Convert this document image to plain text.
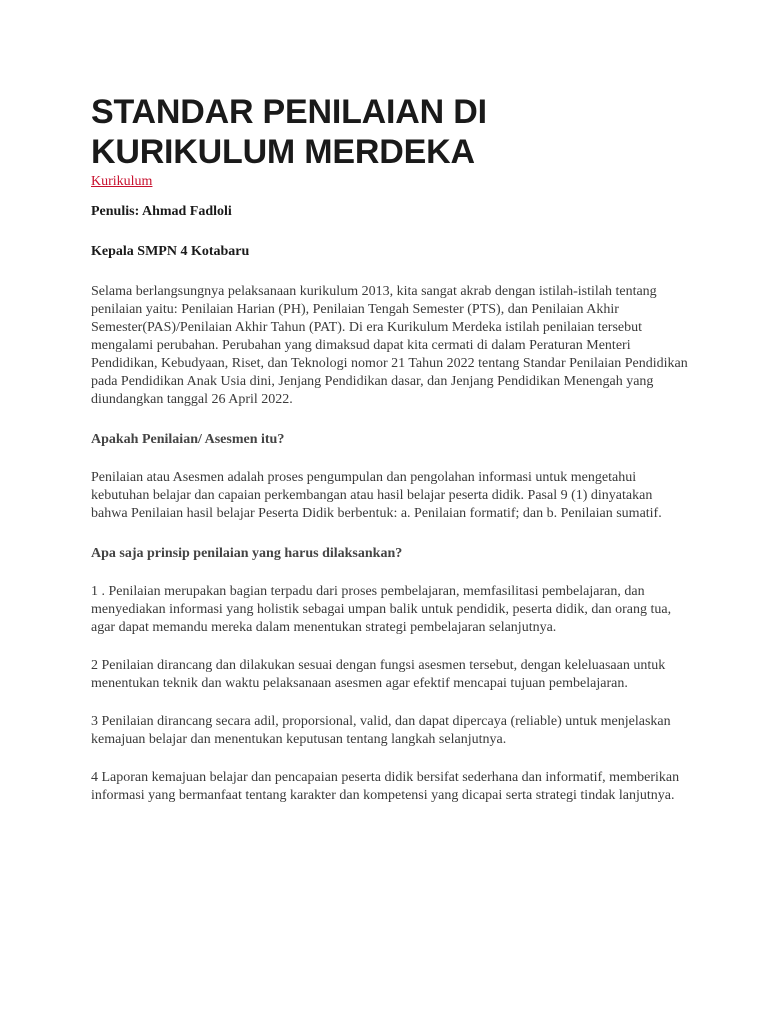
STANDAR PENILAIAN DI KURIKULUM MERDEKA
Kurikulum

Penulis: Ahmad Fadloli

Kepala SMPN 4 Kotabaru

Selama berlangsungnya pelaksanaan kurikulum 2013, kita sangat akrab dengan istilah-istilah tentang penilaian yaitu: Penilaian Harian (PH), Penilaian Tengah Semester (PTS), dan Penilaian Akhir Semester(PAS)/Penilaian Akhir Tahun (PAT). Di era Kurikulum Merdeka istilah penilaian tersebut mengalami perubahan. Perubahan yang dimaksud dapat kita cermati di dalam Peraturan Menteri Pendidikan, Kebudyaan, Riset, dan Teknologi nomor 21 Tahun 2022 tentang Standar Penilaian Pendidikan pada Pendidikan Anak Usia dini, Jenjang Pendidikan dasar, dan Jenjang Pendidikan Menengah yang diundangkan tanggal 26 April 2022.

Apakah Penilaian/ Asesmen itu?

Penilaian atau Asesmen adalah proses pengumpulan dan pengolahan informasi untuk mengetahui kebutuhan belajar dan capaian perkembangan atau hasil belajar peserta didik. Pasal 9 (1) dinyatakan bahwa Penilaian hasil belajar Peserta Didik berbentuk: a. Penilaian formatif; dan b. Penilaian sumatif.

Apa saja prinsip penilaian yang harus dilaksankan?

1 . Penilaian merupakan bagian terpadu dari proses pembelajaran, memfasilitasi pembelajaran, dan menyediakan informasi yang holistik sebagai umpan balik untuk pendidik, peserta didik, dan orang tua, agar dapat memandu mereka dalam menentukan strategi pembelajaran selanjutnya.

2 Penilaian dirancang dan dilakukan sesuai dengan fungsi asesmen tersebut, dengan keleluasaan untuk menentukan teknik dan waktu pelaksanaan asesmen agar efektif mencapai tujuan pembelajaran.

3 Penilaian dirancang secara adil, proporsional, valid, dan dapat dipercaya (reliable) untuk menjelaskan kemajuan belajar dan menentukan keputusan tentang langkah selanjutnya.

4 Laporan kemajuan belajar dan pencapaian peserta didik bersifat sederhana dan informatif, memberikan informasi yang bermanfaat tentang karakter dan kompetensi yang dicapai serta strategi tindak lanjutnya.
